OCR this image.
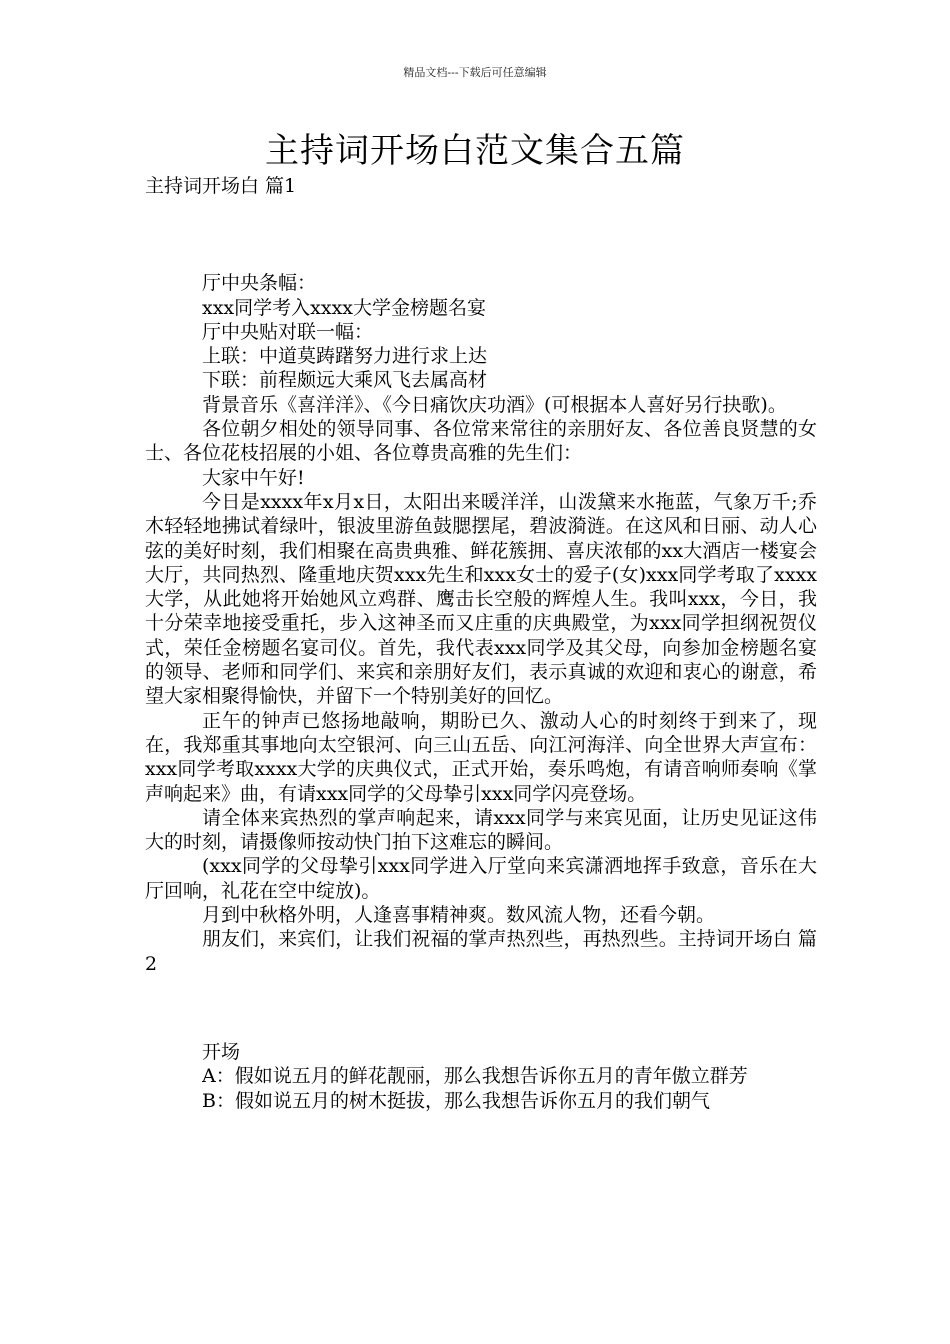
精品文档---下载后可任意编辑
主持词开场白范文集合五篇

主持词开场白 篇1

厅中央条幅：

xxx同学考入xxxx大学金榜题名宴

厅中央贴对联一幅：

上联：中道莫踌躇努力进行求上达

下联：前程颇远大乘风飞去属高材

背景音乐《喜洋洋》、《今日痛饮庆功酒》(可根据本人喜好另行抉歌)。

各位朝夕相处的领导同事、各位常来常往的亲朋好友、各位善良贤慧的女士、各位花枝招展的小姐、各位尊贵高雅的先生们：

大家中午好!

今日是xxxx年x月x日，太阳出来暖洋洋，山泼黛来水拖蓝，气象万千;乔木轻轻地拂试着绿叶，银波里游鱼鼓腮摆尾，碧波漪涟。在这风和日丽、动人心弦的美好时刻，我们相聚在高贵典雅、鲜花簇拥、喜庆浓郁的xx大酒店一楼宴会大厅，共同热烈、隆重地庆贺xxx先生和xxx女士的爱子(女)xxx同学考取了xxxx大学，从此她将开始她风立鸡群、鹰击长空般的辉煌人生。我叫xxx，今日，我十分荣幸地接受重托，步入这神圣而又庄重的庆典殿堂，为xxx同学担纲祝贺仪式，荣任金榜题名宴司仪。首先，我代表xxx同学及其父母，向参加金榜题名宴的领导、老师和同学们、来宾和亲朋好友们，表示真诚的欢迎和衷心的谢意，希望大家相聚得愉快，并留下一个特别美好的回忆。

正午的钟声已悠扬地敲响，期盼已久、激动人心的时刻终于到来了，现在，我郑重其事地向太空银河、向三山五岳、向江河海洋、向全世界大声宣布：xxx同学考取xxxx大学的庆典仪式，正式开始，奏乐鸣炮，有请音响师奏响《掌声响起来》曲，有请xxx同学的父母挚引xxx同学闪亮登场。

请全体来宾热烈的掌声响起来，请xxx同学与来宾见面，让历史见证这伟大的时刻，请摄像师按动快门拍下这难忘的瞬间。

(xxx同学的父母挚引xxx同学进入厅堂向来宾潇洒地挥手致意，音乐在大厅回响，礼花在空中绽放)。

月到中秋格外明，人逢喜事精神爽。数风流人物，还看今朝。

朋友们，来宾们，让我们祝福的掌声热烈些，再热烈些。主持词开场白 篇2

开场

A：假如说五月的鲜花靓丽，那么我想告诉你五月的青年傲立群芳

B：假如说五月的树木挺拔，那么我想告诉你五月的我们朝气
